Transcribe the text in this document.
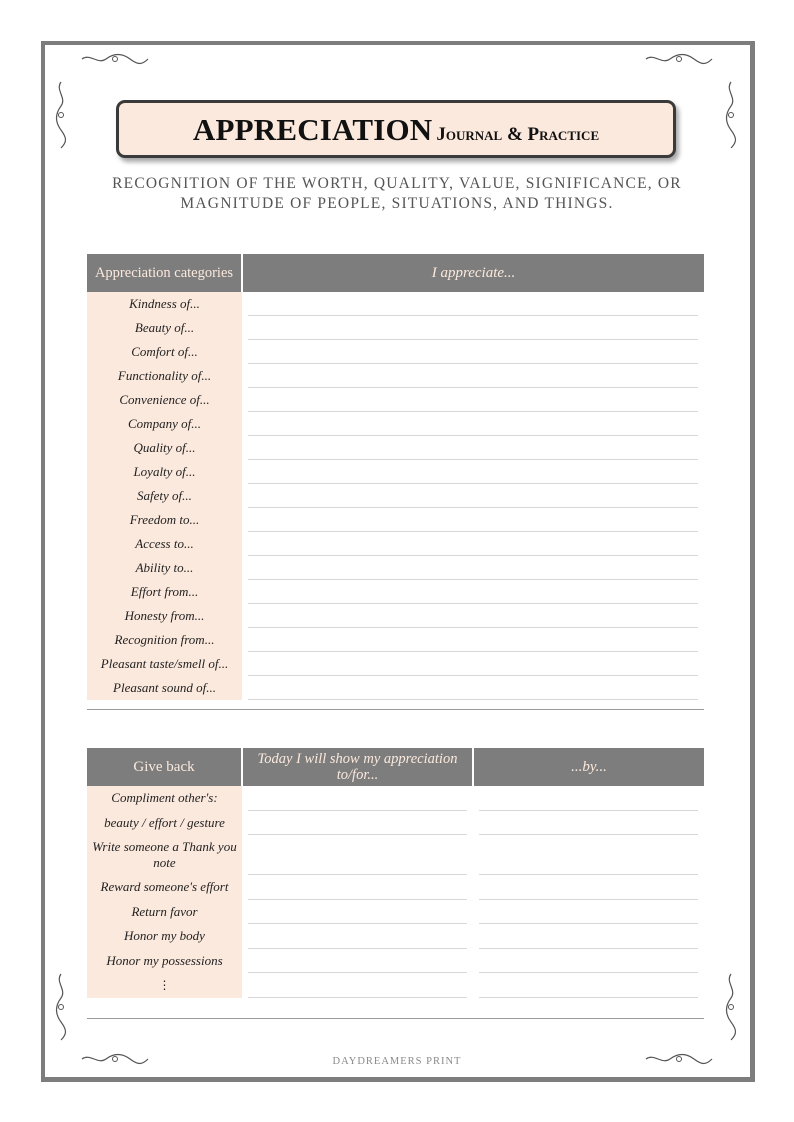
APPRECIATION Journal & Practice
RECOGNITION OF THE WORTH, QUALITY, VALUE, SIGNIFICANCE, OR MAGNITUDE OF PEOPLE, SITUATIONS, AND THINGS.
Appreciation categories	I appreciate...
Kindness of...	

Beauty of...	

Comfort of...	

Functionality of...	

Convenience of...	

Company of...	

Quality of...	

Loyalty of...	

Safety of...	

Freedom to...	

Access to...	

Ability to...	

Effort from...	

Honesty from...	

Recognition from...	

Pleasant taste/smell of...	

Pleasant sound of...	
Give back	Today I will show my appreciation to/for...	...by...
Compliment other's:	

beauty / effort / gesture	

Write someone a Thank you note	

Reward someone's effort	

Return favor	

Honor my body	

Honor my possessions	

⋮	

DAYDREAMERS PRINT
